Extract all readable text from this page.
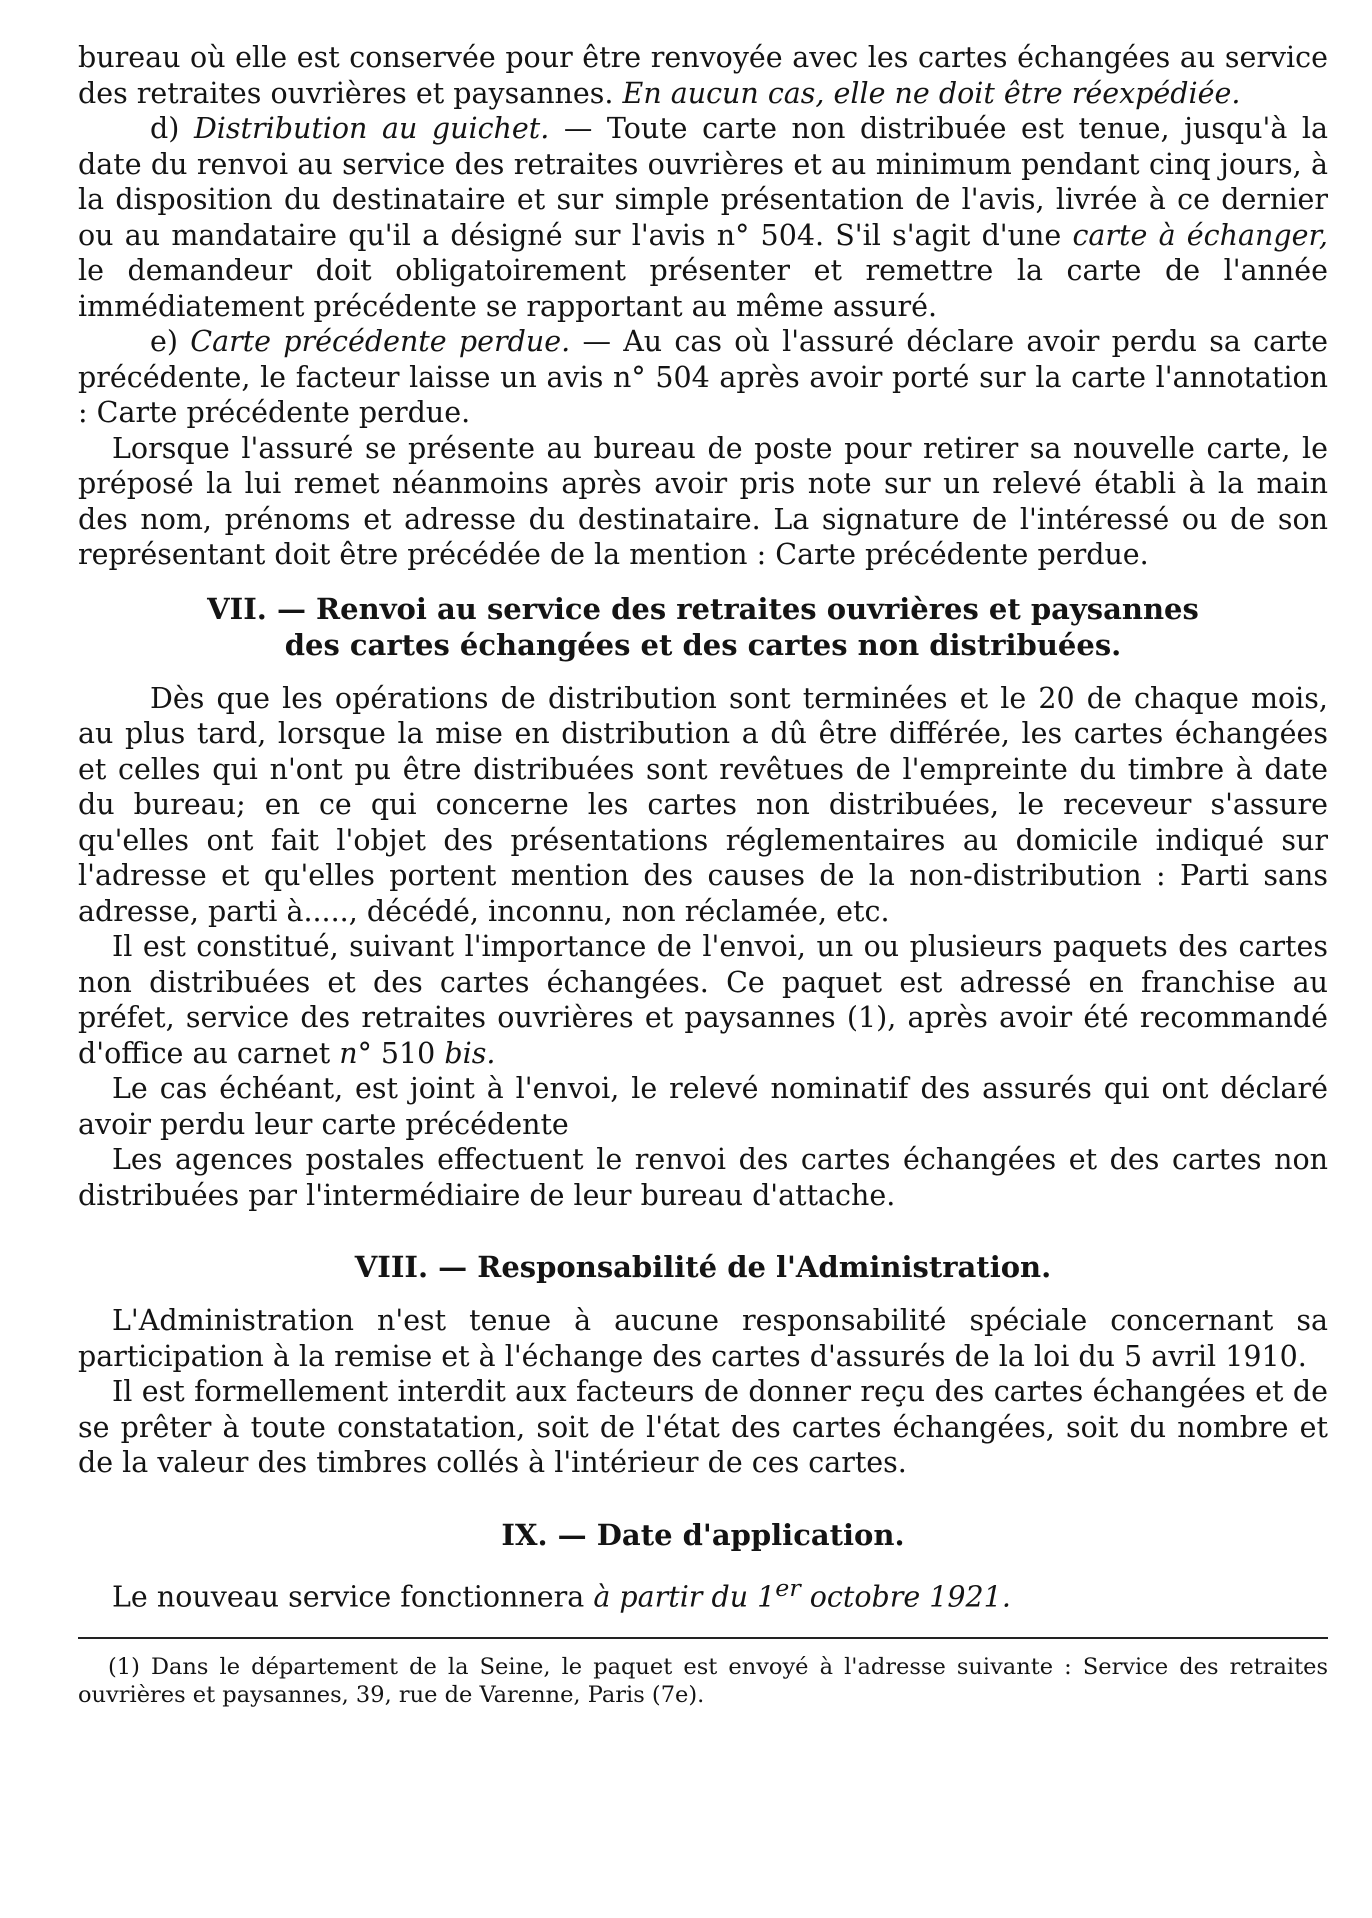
bureau où elle est conservée pour être renvoyée avec les cartes échangées au service des retraites ouvrières et paysannes. En aucun cas, elle ne doit être réexpédiée.

d) Distribution au guichet. — Toute carte non distribuée est tenue, jusqu'à la date du renvoi au service des retraites ouvrières et au minimum pendant cinq jours, à la disposition du destinataire et sur simple présentation de l'avis, livrée à ce dernier ou au mandataire qu'il a désigné sur l'avis n° 504. S'il s'agit d'une carte à échanger, le demandeur doit obligatoirement présenter et remettre la carte de l'année immédiatement précédente se rapportant au même assuré.

e) Carte précédente perdue. — Au cas où l'assuré déclare avoir perdu sa carte précédente, le facteur laisse un avis n° 504 après avoir porté sur la carte l'annotation : Carte précédente perdue.

Lorsque l'assuré se présente au bureau de poste pour retirer sa nouvelle carte, le préposé la lui remet néanmoins après avoir pris note sur un relevé établi à la main des nom, prénoms et adresse du destinataire. La signature de l'intéressé ou de son représentant doit être précédée de la mention : Carte précédente perdue.

VII. — Renvoi au service des retraites ouvrières et paysannes
des cartes échangées et des cartes non distribuées.

Dès que les opérations de distribution sont terminées et le 20 de chaque mois, au plus tard, lorsque la mise en distribution a dû être différée, les cartes échangées et celles qui n'ont pu être distribuées sont revêtues de l'empreinte du timbre à date du bureau; en ce qui concerne les cartes non distribuées, le receveur s'assure qu'elles ont fait l'objet des présentations réglementaires au domicile indiqué sur l'adresse et qu'elles portent mention des causes de la non-distribution : Parti sans adresse, parti à....., décédé, inconnu, non réclamée, etc.

Il est constitué, suivant l'importance de l'envoi, un ou plusieurs paquets des cartes non distribuées et des cartes échangées. Ce paquet est adressé en franchise au préfet, service des retraites ouvrières et paysannes (1), après avoir été recommandé d'office au carnet n° 510 bis.

Le cas échéant, est joint à l'envoi, le relevé nominatif des assurés qui ont déclaré avoir perdu leur carte précédente

Les agences postales effectuent le renvoi des cartes échangées et des cartes non distribuées par l'intermédiaire de leur bureau d'attache.

VIII. — Responsabilité de l'Administration.

L'Administration n'est tenue à aucune responsabilité spéciale concernant sa participation à la remise et à l'échange des cartes d'assurés de la loi du 5 avril 1910.

Il est formellement interdit aux facteurs de donner reçu des cartes échangées et de se prêter à toute constatation, soit de l'état des cartes échangées, soit du nombre et de la valeur des timbres collés à l'intérieur de ces cartes.

IX. — Date d'application.

Le nouveau service fonctionnera à partir du 1er octobre 1921.

(1) Dans le département de la Seine, le paquet est envoyé à l'adresse suivante : Service des retraites ouvrières et paysannes, 39, rue de Varenne, Paris (7e).
